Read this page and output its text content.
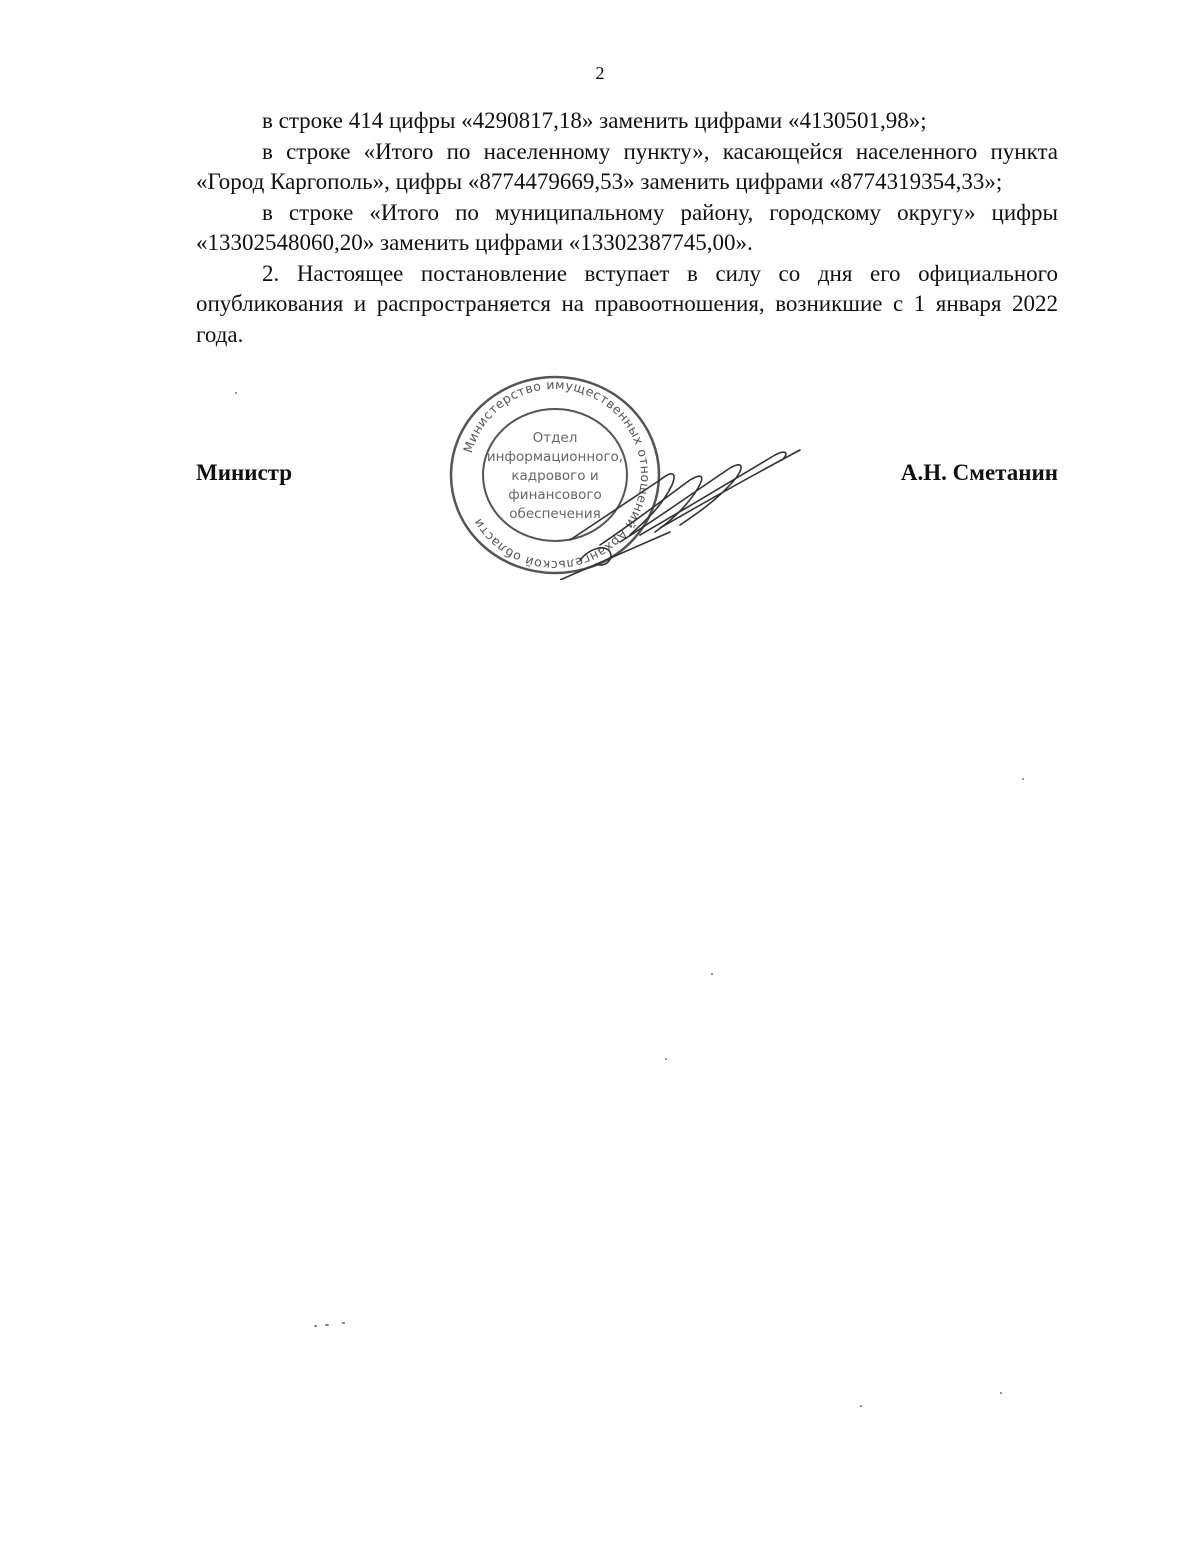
2

в строке 414 цифры «4290817,18» заменить цифрами «4130501,98»;

в строке «Итого по населенному пункту», касающейся населенного пункта «Город Каргополь», цифры «8774479669,53» заменить цифрами «8774319354,33»;

в строке «Итого по муниципальному району, городскому округу» цифры «13302548060,20» заменить цифрами «13302387745,00».

2. Настоящее постановление вступает в силу со дня его официального опубликования и распространяется на правоотношения, возникшие с 1 января 2022 года.

Министерство имущественных отношений Архангельской области
Отдел
информационного,
кадрового и
финансового
обеспечения
Министр	А.Н. Сметанин
